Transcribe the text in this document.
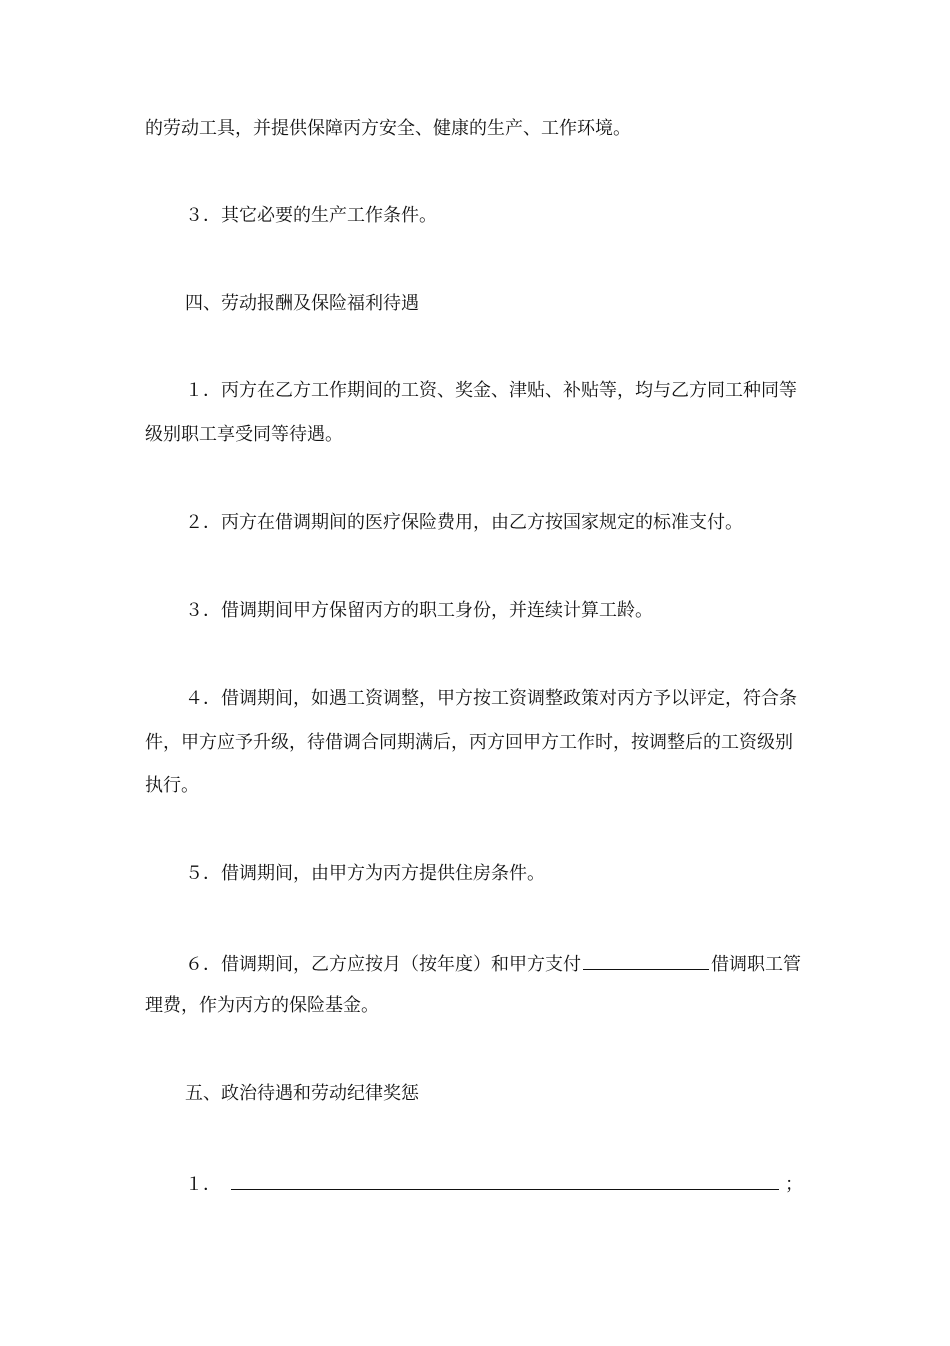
的劳动工具，并提供保障丙方安全、健康的生产、工作环境。
３．其它必要的生产工作条件。
四、劳动报酬及保险福利待遇
１．丙方在乙方工作期间的工资、奖金、津贴、补贴等，均与乙方同工种同等
级别职工享受同等待遇。
２．丙方在借调期间的医疗保险费用，由乙方按国家规定的标准支付。
３．借调期间甲方保留丙方的职工身份，并连续计算工龄。
４．借调期间，如遇工资调整，甲方按工资调整政策对丙方予以评定，符合条
件，甲方应予升级，待借调合同期满后，丙方回甲方工作时，按调整后的工资级别
执行。
５．借调期间，由甲方为丙方提供住房条件。
６．借调期间，乙方应按月（按年度）和甲方支付	借调职工管
理费，作为丙方的保险基金。
五、政治待遇和劳动纪律奖惩
１．	；
